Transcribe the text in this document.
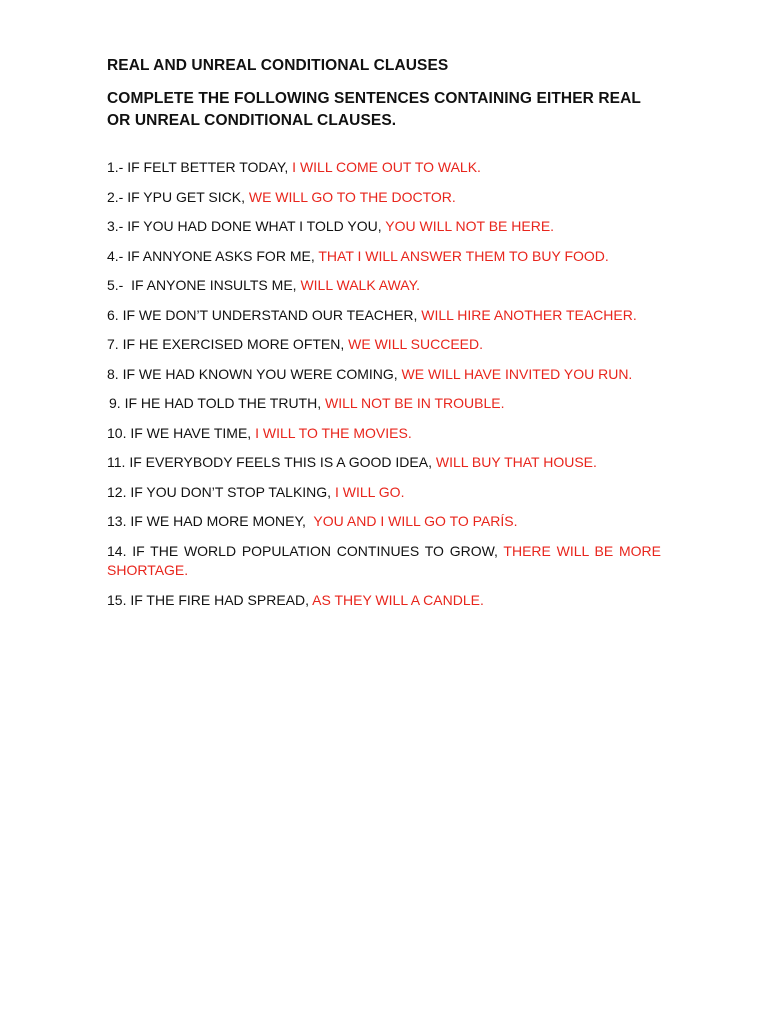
REAL AND UNREAL CONDITIONAL CLAUSES
COMPLETE THE FOLLOWING SENTENCES CONTAINING EITHER REAL OR UNREAL CONDITIONAL CLAUSES.
1.- IF FELT BETTER TODAY, I WILL COME OUT TO WALK.
2.- IF YPU GET SICK, WE WILL GO TO THE DOCTOR.
3.- IF YOU HAD DONE WHAT I TOLD YOU, YOU WILL NOT BE HERE.
4.- IF ANNYONE ASKS FOR ME, THAT I WILL ANSWER THEM TO BUY FOOD.
5.-  IF ANYONE INSULTS ME, WILL WALK AWAY.
6. IF WE DON’T UNDERSTAND OUR TEACHER, WILL HIRE ANOTHER TEACHER.
7. IF HE EXERCISED MORE OFTEN, WE WILL SUCCEED.
8. IF WE HAD KNOWN YOU WERE COMING, WE WILL HAVE INVITED YOU RUN.
9. IF HE HAD TOLD THE TRUTH, WILL NOT BE IN TROUBLE.
10. IF WE HAVE TIME, I WILL TO THE MOVIES.
11. IF EVERYBODY FEELS THIS IS A GOOD IDEA, WILL BUY THAT HOUSE.
12. IF YOU DON’T STOP TALKING, I WILL GO.
13. IF WE HAD MORE MONEY,  YOU AND I WILL GO TO PARÍS.
14. IF THE WORLD POPULATION CONTINUES TO GROW, THERE WILL BE MORE SHORTAGE.
15. IF THE FIRE HAD SPREAD, AS THEY WILL A CANDLE.
